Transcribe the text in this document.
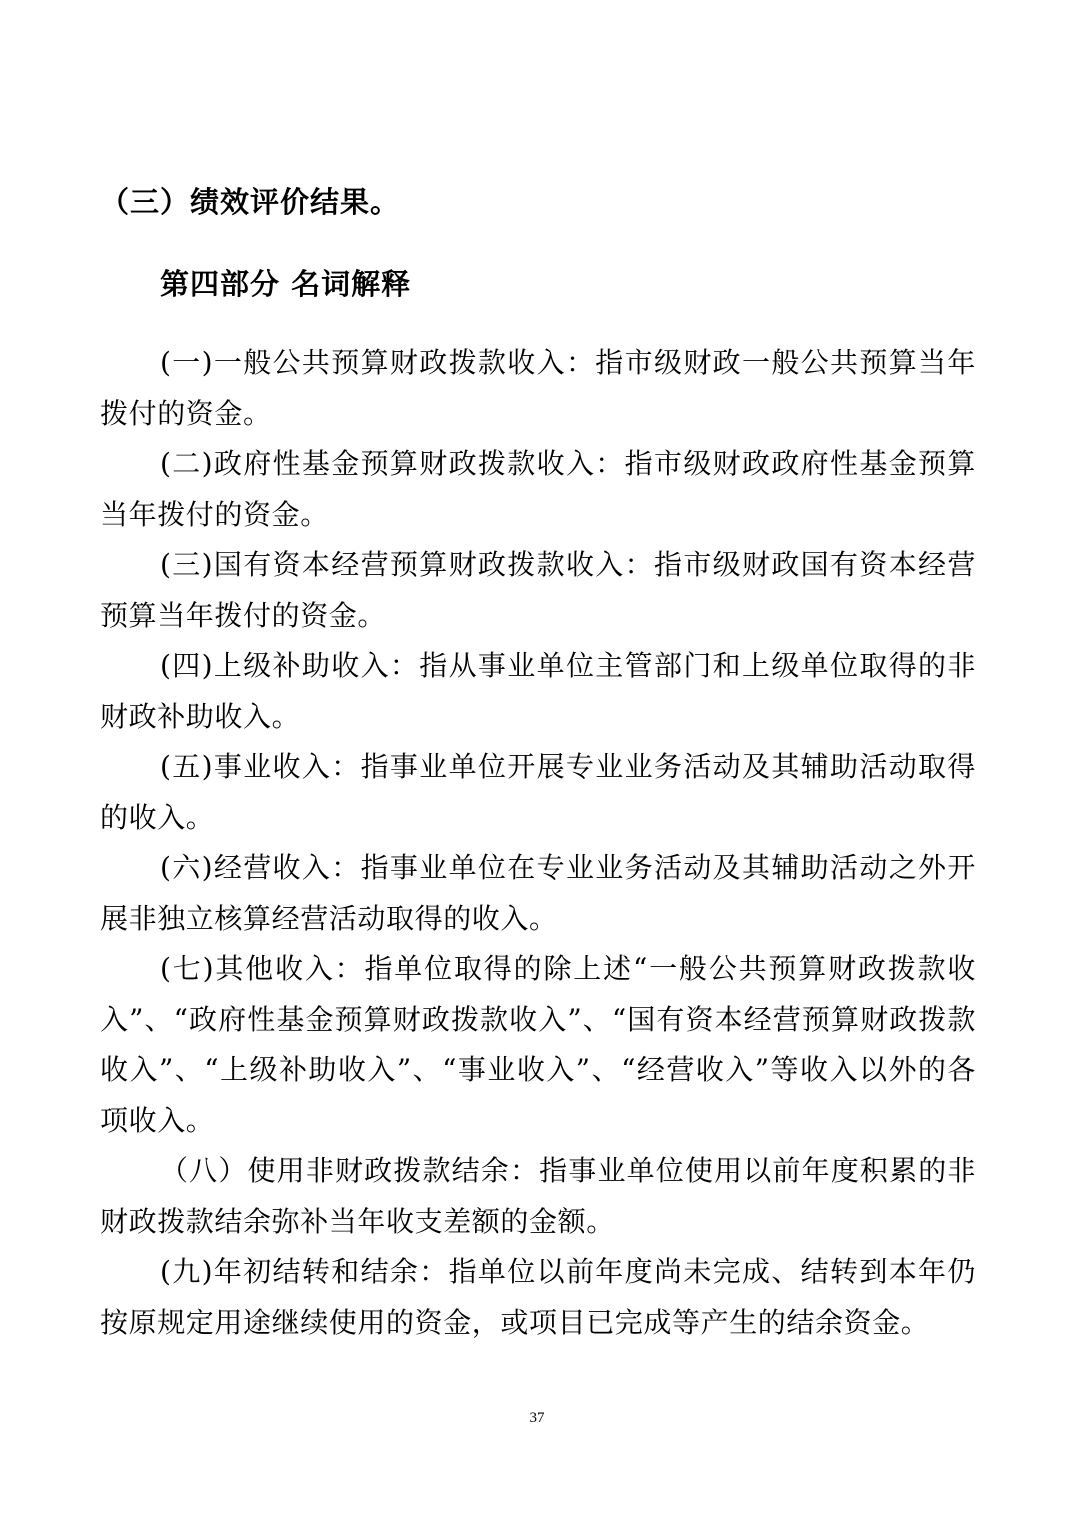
（三）绩效评价结果。
第四部分 名词解释

(一)一般公共预算财政拨款收入：指市级财政一般公共预算当年拨付的资金。

(二)政府性基金预算财政拨款收入：指市级财政政府性基金预算当年拨付的资金。

(三)国有资本经营预算财政拨款收入：指市级财政国有资本经营预算当年拨付的资金。

(四)上级补助收入：指从事业单位主管部门和上级单位取得的非财政补助收入。

(五)事业收入：指事业单位开展专业业务活动及其辅助活动取得的收入。

(六)经营收入：指事业单位在专业业务活动及其辅助活动之外开展非独立核算经营活动取得的收入。

(七)其他收入：指单位取得的除上述“一般公共预算财政拨款收入”、“政府性基金预算财政拨款收入”、“国有资本经营预算财政拨款收入”、“上级补助收入”、“事业收入”、“经营收入”等收入以外的各项收入。

（八）使用非财政拨款结余：指事业单位使用以前年度积累的非财政拨款结余弥补当年收支差额的金额。

(九)年初结转和结余：指单位以前年度尚未完成、结转到本年仍按原规定用途继续使用的资金，或项目已完成等产生的结余资金。

37
